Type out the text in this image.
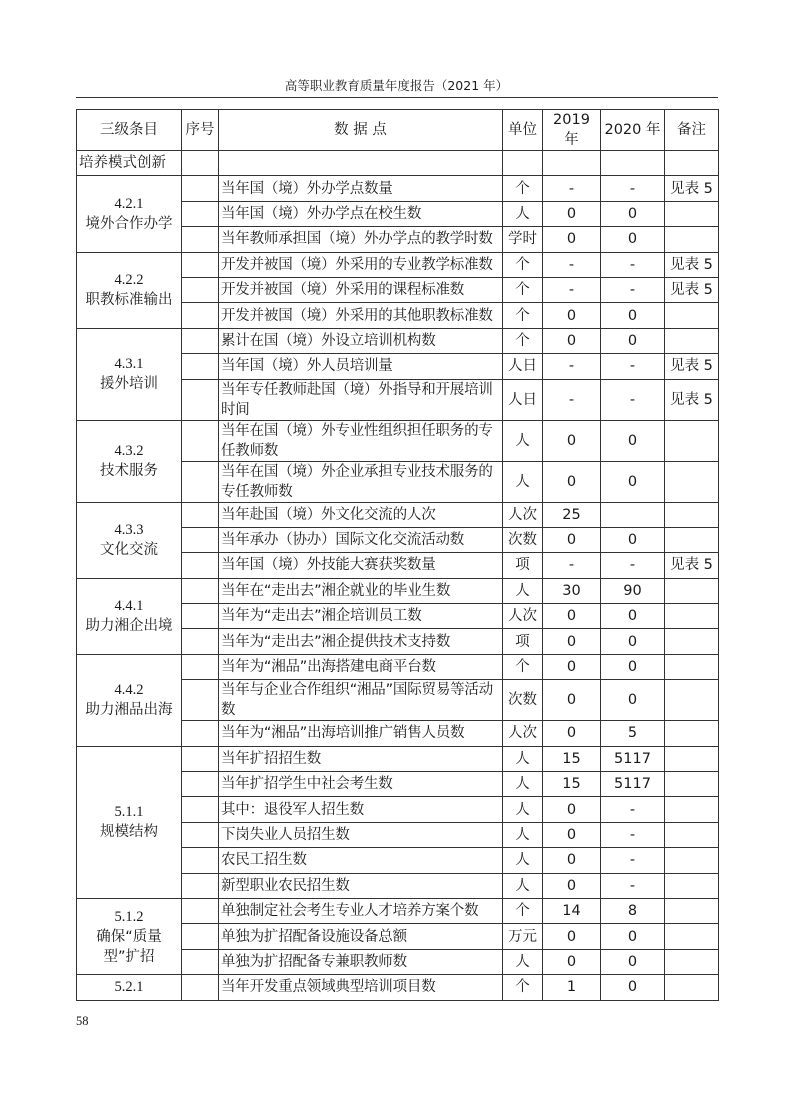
高等职业教育质量年度报告（2021 年）
三级条目	序号	数 据 点	单位	2019 年	2020 年	备注
培养模式创新						

4.2.1
境外合作办学		当年国（境）外办学点数量	个	-	-	见表 5
		当年国（境）外办学点在校生数	人	0	0	
		当年教师承担国（境）外办学点的教学时数	学时	0	0	

4.2.2
职教标准输出		开发并被国（境）外采用的专业教学标准数	个	-	-	见表 5
		开发并被国（境）外采用的课程标准数	个	-	-	见表 5
		开发并被国（境）外采用的其他职教标准数	个	0	0	

4.3.1
援外培训		累计在国（境）外设立培训机构数	个	0	0	
		当年国（境）外人员培训量	人日	-	-	见表 5
		当年专任教师赴国（境）外指导和开展培训时间	人日	-	-	见表 5

4.3.2
技术服务		当年在国（境）外专业性组织担任职务的专任教师数	人	0	0	
		当年在国（境）外企业承担专业技术服务的专任教师数	人	0	0	

4.3.3
文化交流		当年赴国（境）外文化交流的人次	人次	25		
		当年承办（协办）国际文化交流活动数	次数	0	0	
		当年国（境）外技能大赛获奖数量	项	-	-	见表 5

4.4.1
助力湘企出境		当年在“走出去”湘企就业的毕业生数	人	30	90	
		当年为“走出去”湘企培训员工数	人次	0	0	
		当年为“走出去”湘企提供技术支持数	项	0	0	

4.4.2
助力湘品出海		当年为“湘品”出海搭建电商平台数	个	0	0	
		当年与企业合作组织“湘品”国际贸易等活动数	次数	0	0	
		当年为“湘品”出海培训推广销售人员数	人次	0	5	

5.1.1
规模结构		当年扩招招生数	人	15	5117	
		当年扩招学生中社会考生数	人	15	5117	
		其中：退役军人招生数	人	0	-	
		下岗失业人员招生数	人	0	-	
		农民工招生数	人	0	-	
		新型职业农民招生数	人	0	-	

5.1.2
确保“质量型”扩招		单独制定社会考生专业人才培养方案个数	个	14	8	
		单独为扩招配备设施设备总额	万元	0	0	
		单独为扩招配备专兼职教师数	人	0	0	

5.2.1		当年开发重点领域典型培训项目数	个	1	0	
58
